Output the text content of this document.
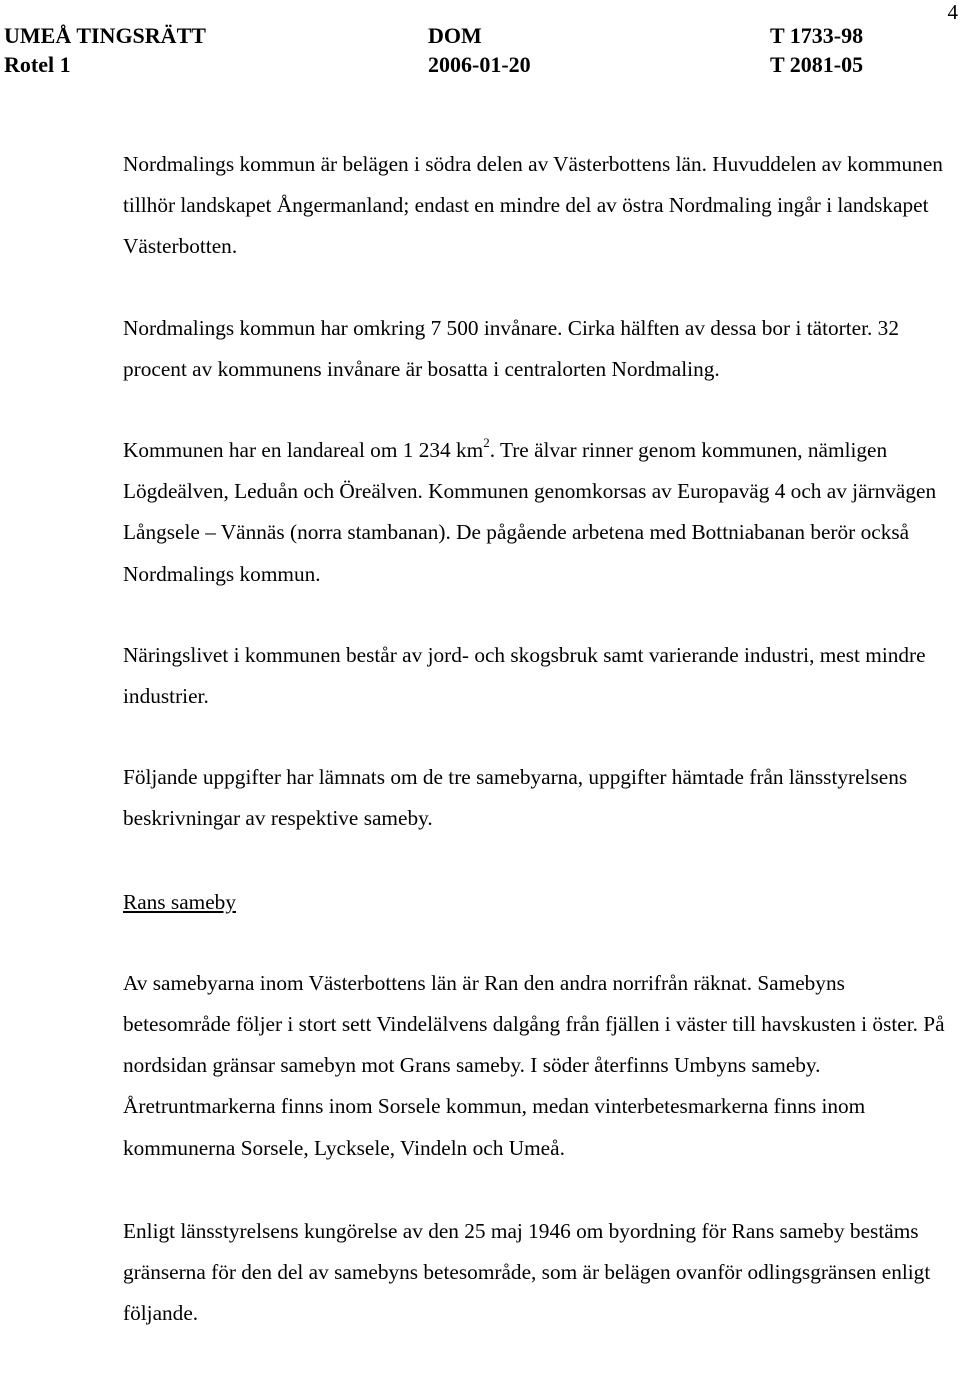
4
UMEÅ TINGSRÄTT	DOM	T 1733-98
Rotel 1	2006-01-20	T 2081-05

Nordmalings kommun är belägen i södra delen av Västerbottens län. Huvuddelen av kommunen tillhör landskapet Ångermanland; endast en mindre del av östra Nordmaling ingår i landskapet Västerbotten.

Nordmalings kommun har omkring 7 500 invånare. Cirka hälften av dessa bor i tätorter. 32 procent av kommunens invånare är bosatta i centralorten Nordmaling.

Kommunen har en landareal om 1 234 $km^2$. Tre älvar rinner genom kommunen, nämligen Lögdeälven, Leduån och Öreälven. Kommunen genomkorsas av Europaväg 4 och av järnvägen Långsele – Vännäs (norra stambanan). De pågående arbetena med Bottniabanan berör också Nordmalings kommun.

Näringslivet i kommunen består av jord- och skogsbruk samt varierande industri, mest mindre industrier.

Följande uppgifter har lämnats om de tre samebyarna, uppgifter hämtade från länsstyrelsens beskrivningar av respektive sameby.

Rans sameby

Av samebyarna inom Västerbottens län är Ran den andra norrifrån räknat. Samebyns betesområde följer i stort sett Vindelälvens dalgång från fjällen i väster till havskusten i öster. På nordsidan gränsar samebyn mot Grans sameby. I söder återfinns Umbyns sameby. Åretruntmarkerna finns inom Sorsele kommun, medan vinterbetesmarkerna finns inom kommunerna Sorsele, Lycksele, Vindeln och Umeå.

Enligt länsstyrelsens kungörelse av den 25 maj 1946 om byordning för Rans sameby bestäms gränserna för den del av samebyns betesområde, som är belägen ovanför odlingsgränsen enligt följande.
